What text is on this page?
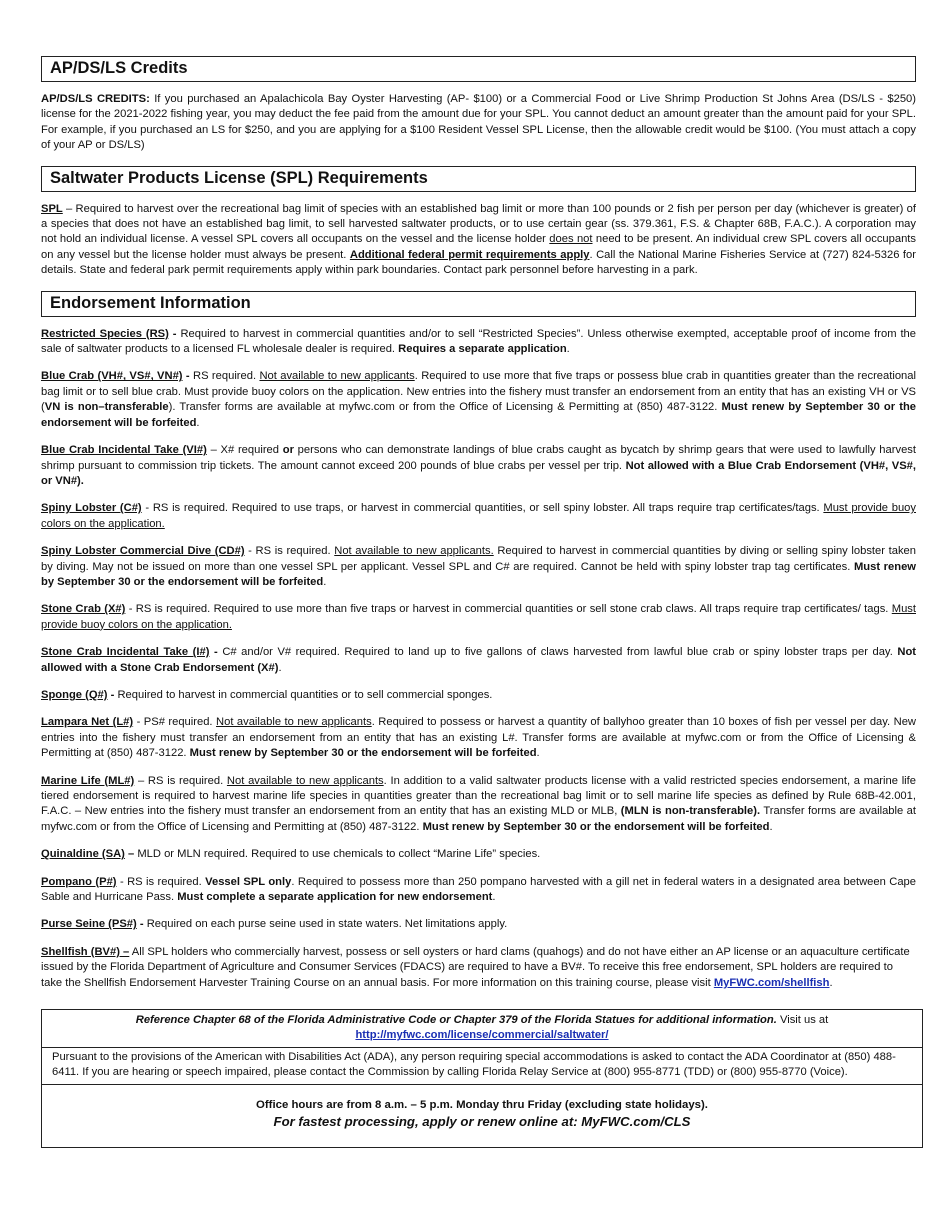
AP/DS/LS Credits

AP/DS/LS CREDITS: If you purchased an Apalachicola Bay Oyster Harvesting (AP- $100) or a Commercial Food or Live Shrimp Production St Johns Area (DS/LS - $250) license for the 2021-2022 fishing year, you may deduct the fee paid from the amount due for your SPL. You cannot deduct an amount greater than the amount paid for your SPL. For example, if you purchased an LS for $250, and you are applying for a $100 Resident Vessel SPL License, then the allowable credit would be $100. (You must attach a copy of your AP or DS/LS)

Saltwater Products License (SPL) Requirements

SPL – Required to harvest over the recreational bag limit of species with an established bag limit or more than 100 pounds or 2 fish per person per day (whichever is greater) of a species that does not have an established bag limit, to sell harvested saltwater products, or to use certain gear (ss. 379.361, F.S. & Chapter 68B, F.A.C.). A corporation may not hold an individual license. A vessel SPL covers all occupants on the vessel and the license holder does not need to be present. An individual crew SPL covers all occupants on any vessel but the license holder must always be present. Additional federal permit requirements apply. Call the National Marine Fisheries Service at (727) 824-5326 for details. State and federal park permit requirements apply within park boundaries. Contact park personnel before harvesting in a park.

Endorsement Information

Restricted Species (RS) - Required to harvest in commercial quantities and/or to sell “Restricted Species”. Unless otherwise exempted, acceptable proof of income from the sale of saltwater products to a licensed FL wholesale dealer is required. Requires a separate application.

Blue Crab (VH#, VS#, VN#) - RS required. Not available to new applicants. Required to use more that five traps or possess blue crab in quantities greater than the recreational bag limit or to sell blue crab. Must provide buoy colors on the application. New entries into the fishery must transfer an endorsement from an entity that has an existing VH or VS (VN is non–transferable). Transfer forms are available at myfwc.com or from the Office of Licensing & Permitting at (850) 487-3122. Must renew by September 30 or the endorsement will be forfeited.

Blue Crab Incidental Take (VI#) – X# required or persons who can demonstrate landings of blue crabs caught as bycatch by shrimp gears that were used to lawfully harvest shrimp pursuant to commission trip tickets. The amount cannot exceed 200 pounds of blue crabs per vessel per trip. Not allowed with a Blue Crab Endorsement (VH#, VS#, or VN#).

Spiny Lobster (C#) - RS is required. Required to use traps, or harvest in commercial quantities, or sell spiny lobster. All traps require trap certificates/tags. Must provide buoy colors on the application.

Spiny Lobster Commercial Dive (CD#) - RS is required. Not available to new applicants. Required to harvest in commercial quantities by diving or selling spiny lobster taken by diving. May not be issued on more than one vessel SPL per applicant. Vessel SPL and C# are required. Cannot be held with spiny lobster trap tag certificates. Must renew by September 30 or the endorsement will be forfeited.

Stone Crab (X#) - RS is required. Required to use more than five traps or harvest in commercial quantities or sell stone crab claws. All traps require trap certificates/ tags. Must provide buoy colors on the application.

Stone Crab Incidental Take (I#) - C# and/or V# required. Required to land up to five gallons of claws harvested from lawful blue crab or spiny lobster traps per day. Not allowed with a Stone Crab Endorsement (X#).

Sponge (Q#) - Required to harvest in commercial quantities or to sell commercial sponges.

Lampara Net (L#) - PS# required. Not available to new applicants. Required to possess or harvest a quantity of ballyhoo greater than 10 boxes of fish per vessel per day. New entries into the fishery must transfer an endorsement from an entity that has an existing L#. Transfer forms are available at myfwc.com or from the Office of Licensing & Permitting at (850) 487-3122. Must renew by September 30 or the endorsement will be forfeited.

Marine Life (ML#) – RS is required. Not available to new applicants. In addition to a valid saltwater products license with a valid restricted species endorsement, a marine life tiered endorsement is required to harvest marine life species in quantities greater than the recreational bag limit or to sell marine life species as defined by Rule 68B-42.001, F.A.C. – New entries into the fishery must transfer an endorsement from an entity that has an existing MLD or MLB, (MLN is non-transferable). Transfer forms are available at myfwc.com or from the Office of Licensing and Permitting at (850) 487-3122. Must renew by September 30 or the endorsement will be forfeited.

Quinaldine (SA) – MLD or MLN required. Required to use chemicals to collect “Marine Life” species.

Pompano (P#) - RS is required. Vessel SPL only. Required to possess more than 250 pompano harvested with a gill net in federal waters in a designated area between Cape Sable and Hurricane Pass. Must complete a separate application for new endorsement.

Purse Seine (PS#) - Required on each purse seine used in state waters. Net limitations apply.

Shellfish (BV#) – All SPL holders who commercially harvest, possess or sell oysters or hard clams (quahogs) and do not have either an AP license or an aquaculture certificate issued by the Florida Department of Agriculture and Consumer Services (FDACS) are required to have a BV#. To receive this free endorsement, SPL holders are required to take the Shellfish Endorsement Harvester Training Course on an annual basis. For more information on this training course, please visit MyFWC.com/shellfish.

Reference Chapter 68 of the Florida Administrative Code or Chapter 379 of the Florida Statues for additional information. Visit us at http://myfwc.com/license/commercial/saltwater/
Pursuant to the provisions of the American with Disabilities Act (ADA), any person requiring special accommodations is asked to contact the ADA Coordinator at (850) 488-6411. If you are hearing or speech impaired, please contact the Commission by calling Florida Relay Service at (800) 955-8771 (TDD) or (800) 955-8770 (Voice).
Office hours are from 8 a.m. – 5 p.m. Monday thru Friday (excluding state holidays).
For fastest processing, apply or renew online at: MyFWC.com/CLS
